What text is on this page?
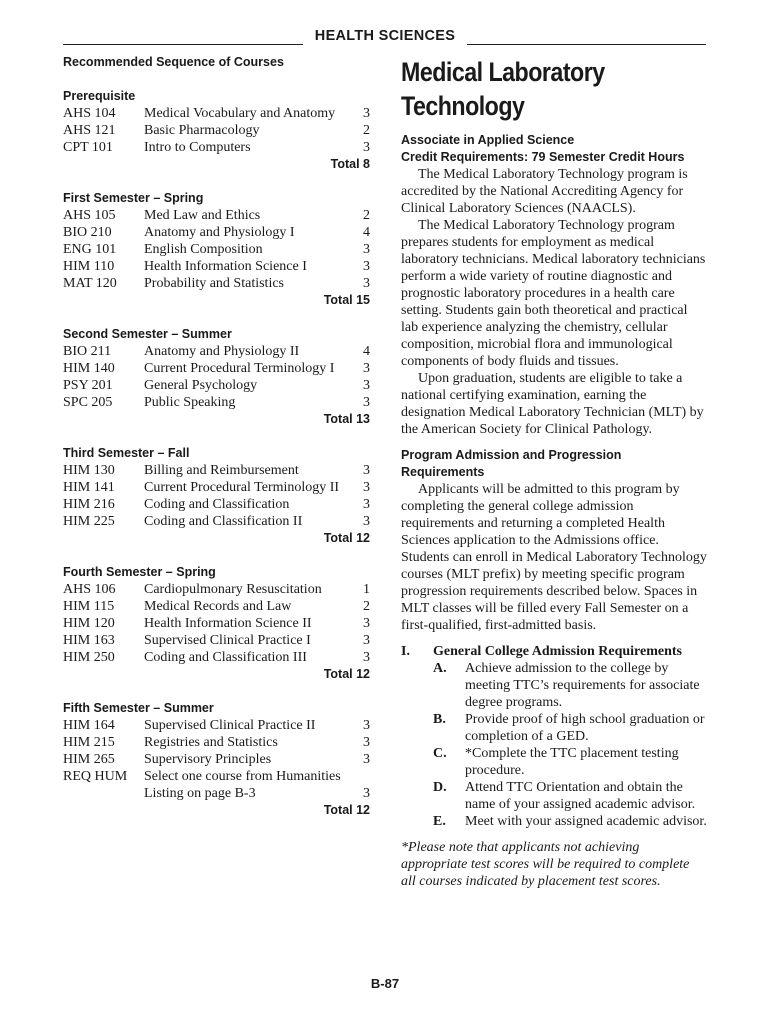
HEALTH SCIENCES
Recommended Sequence of Courses
Prerequisite
AHS 104	Medical Vocabulary and Anatomy	3
AHS 121	Basic Pharmacology	2
CPT 101	Intro to Computers	3
Total 8
First Semester – Spring
AHS 105	Med Law and Ethics	2
BIO 210	Anatomy and Physiology I	4
ENG 101	English Composition	3
HIM 110	Health Information Science I	3
MAT 120	Probability and Statistics	3
Total 15
Second Semester – Summer
BIO 211	Anatomy and Physiology II	4
HIM 140	Current Procedural Terminology I	3
PSY 201	General Psychology	3
SPC 205	Public Speaking	3
Total 13
Third Semester – Fall
HIM 130	Billing and Reimbursement	3
HIM 141	Current Procedural Terminology II	3
HIM 216	Coding and Classification	3
HIM 225	Coding and Classification II	3
Total 12
Fourth Semester – Spring
AHS 106	Cardiopulmonary Resuscitation	1
HIM 115	Medical Records and Law	2
HIM 120	Health Information Science II	3
HIM 163	Supervised Clinical Practice I	3
HIM 250	Coding and Classification III	3
Total 12
Fifth Semester – Summer
HIM 164	Supervised Clinical Practice II	3
HIM 215	Registries and Statistics	3
HIM 265	Supervisory Principles	3
REQ HUM	Select one course from Humanities
Listing on page B-3	3
Total 12
Medical Laboratory
Technology
Associate in Applied Science
Credit Requirements: 79 Semester Credit Hours

The Medical Laboratory Technology program is accredited by the National Accrediting Agency for Clinical Laboratory Sciences (NAACLS).

The Medical Laboratory Technology program prepares students for employment as medical laboratory technicians. Medical laboratory technicians perform a wide variety of routine diagnostic and prognostic laboratory procedures in a health care setting. Students gain both theoretical and practical lab experience analyzing the chemistry, cellular composition, microbial flora and immunological components of body fluids and tissues.

Upon graduation, students are eligible to take a national certifying examination, earning the designation Medical Laboratory Technician (MLT) by the American Society for Clinical Pathology.

Program Admission and Progression Requirements

Applicants will be admitted to this program by completing the general college admission requirements and returning a completed Health Sciences application to the Admissions office. Students can enroll in Medical Laboratory Technology courses (MLT prefix) by meeting specific program progression requirements described below. Spaces in MLT classes will be filled every Fall Semester on a first-qualified, first-admitted basis.

I.	General College Admission Requirements
A.	Achieve admission to the college by meeting TTC’s requirements for associate degree programs.
B.	Provide proof of high school graduation or completion of a GED.
C.	*Complete the TTC placement testing procedure.
D.	Attend TTC Orientation and obtain the name of your assigned academic advisor.
E.	Meet with your assigned academic advisor.
*Please note that applicants not achieving appropriate test scores will be required to complete all courses indicated by placement test scores.
B-87
